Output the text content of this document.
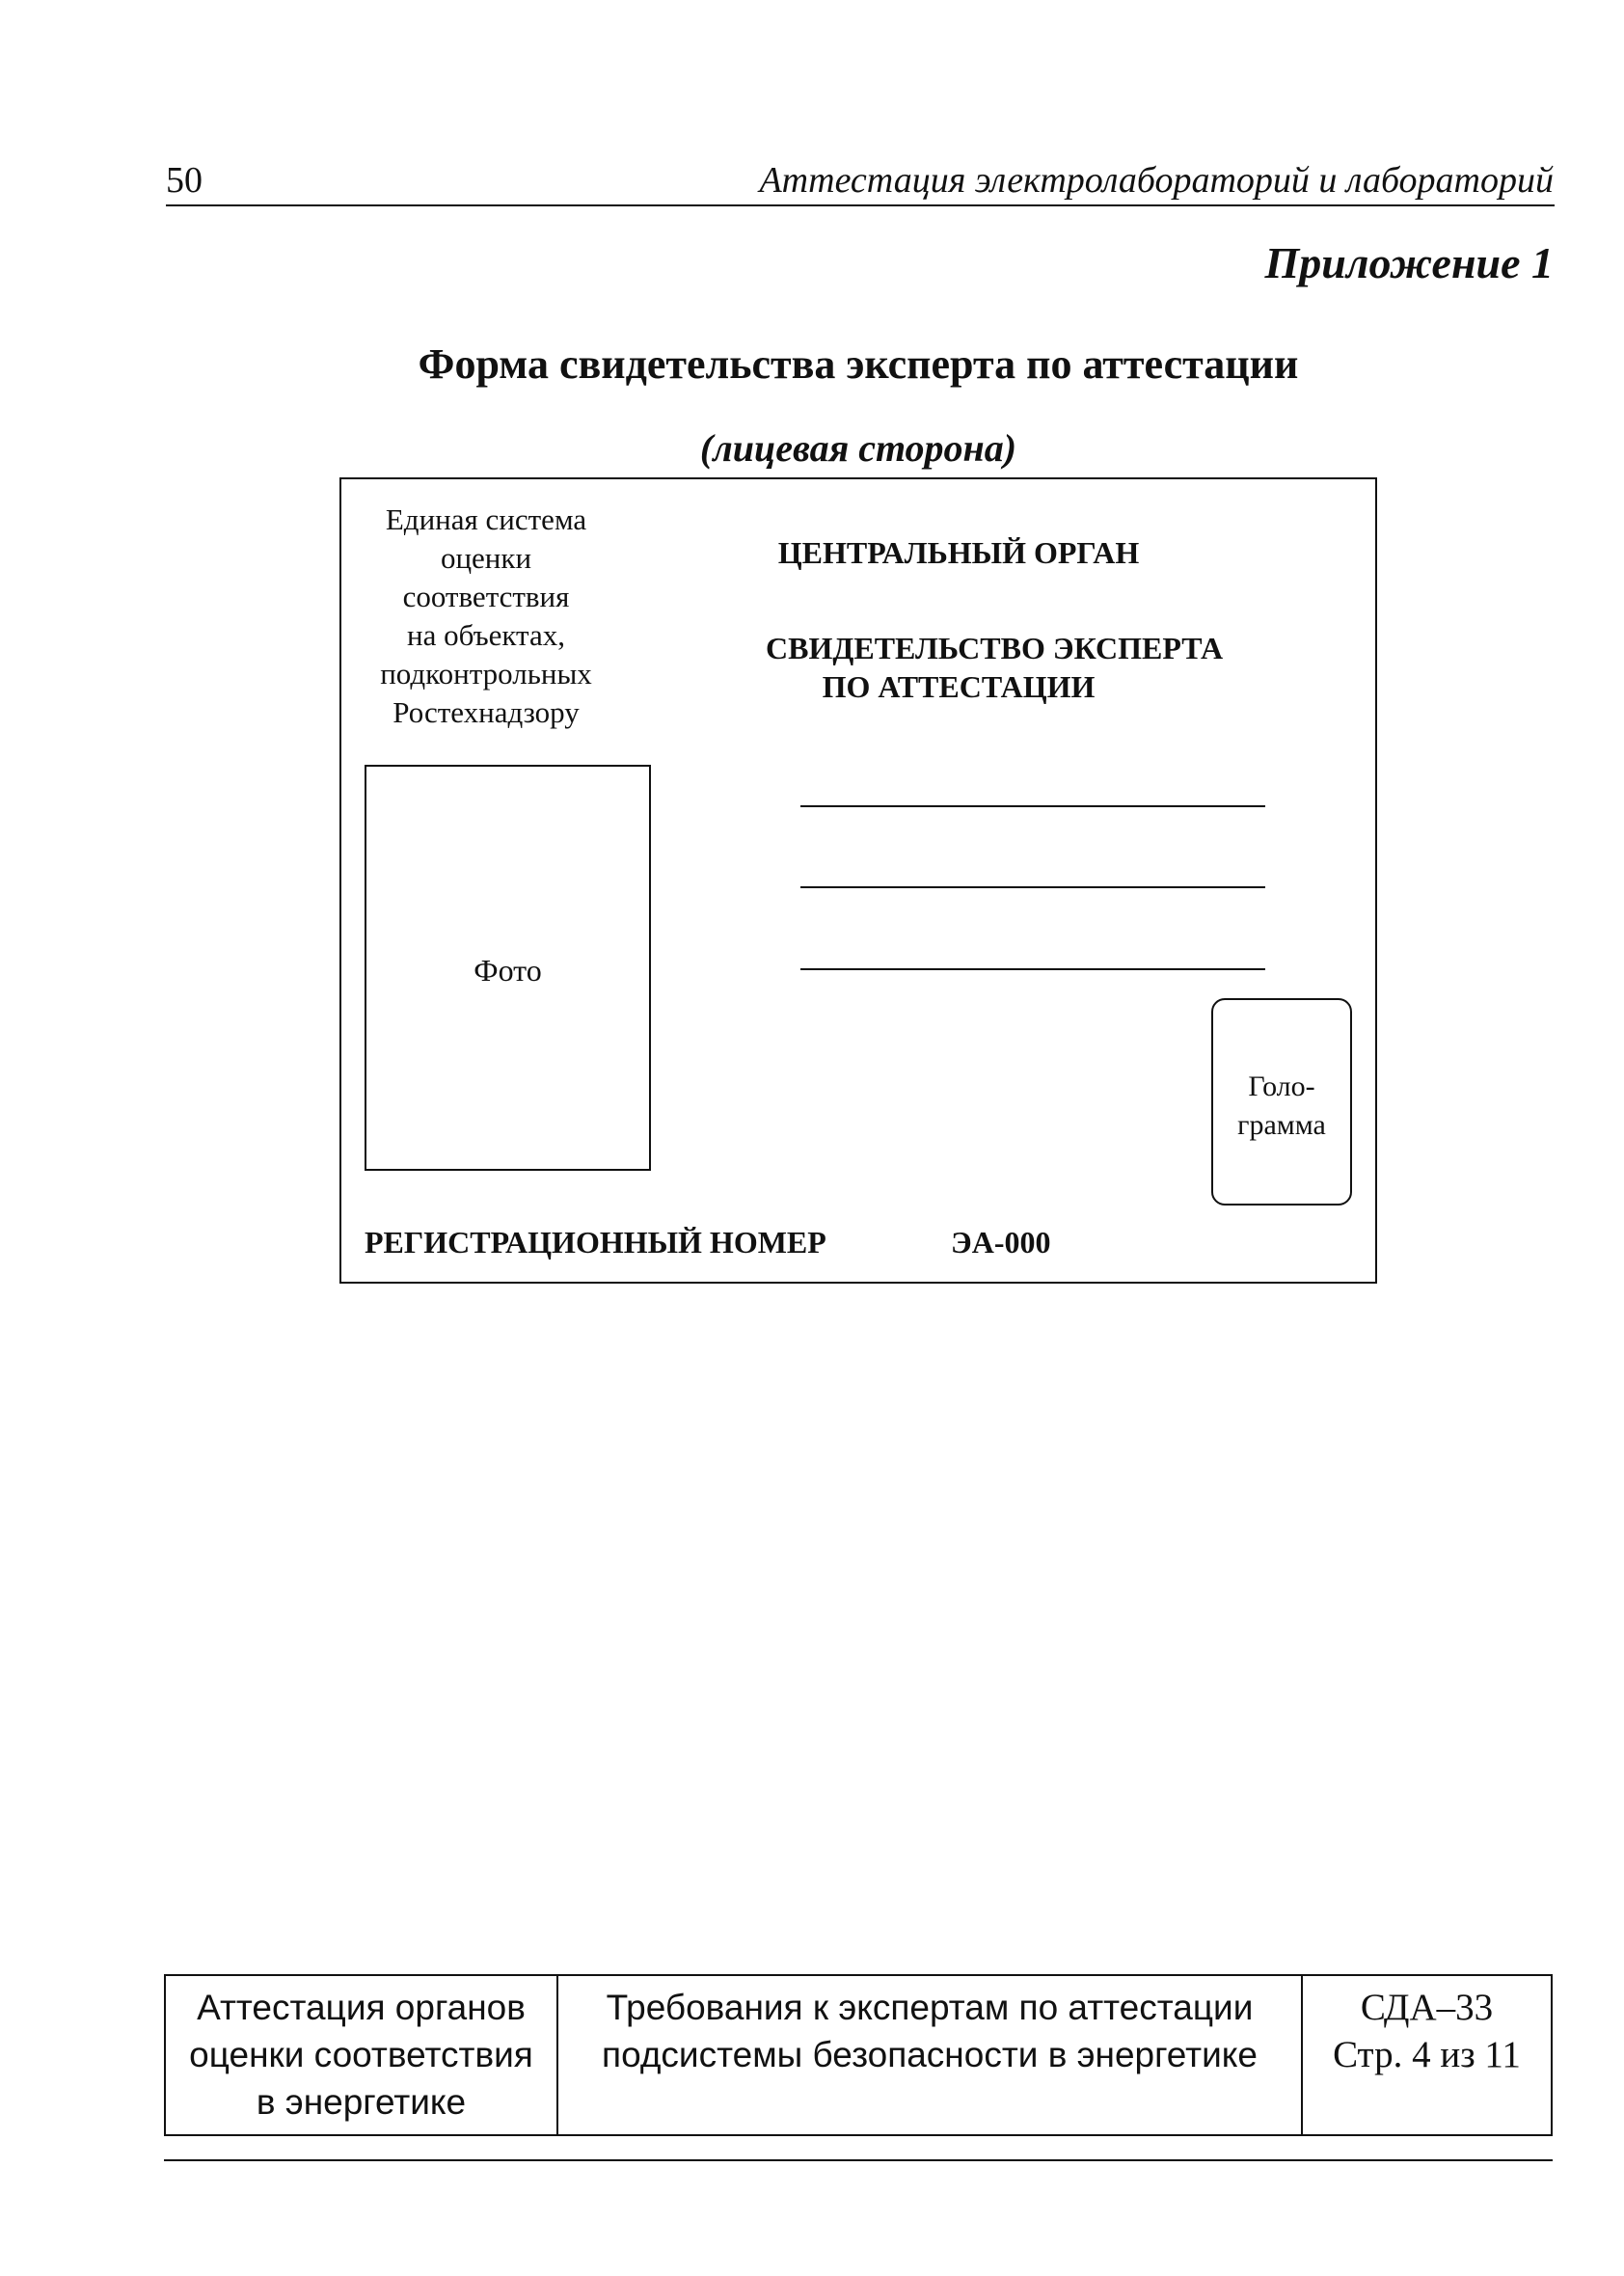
50	Аттестация электролабораторий и лабораторий
Приложение 1
Форма свидетельства эксперта по аттестации
(лицевая сторона)
Единая система
оценки
соответствия
на объектах,
подконтрольных
Ростехнадзору
ЦЕНТРАЛЬНЫЙ ОРГАН
СВИДЕТЕЛЬСТВО ЭКСПЕРТА
ПО АТТЕСТАЦИИ
Фото
Голо-
грамма
РЕГИСТРАЦИОННЫЙ НОМЕР	ЭА-000
Аттестация органов
оценки соответствия
в энергетике
Требования к экспертам по аттестации
подсистемы безопасности в энергетике
СДА–33
Стр. 4 из 11
